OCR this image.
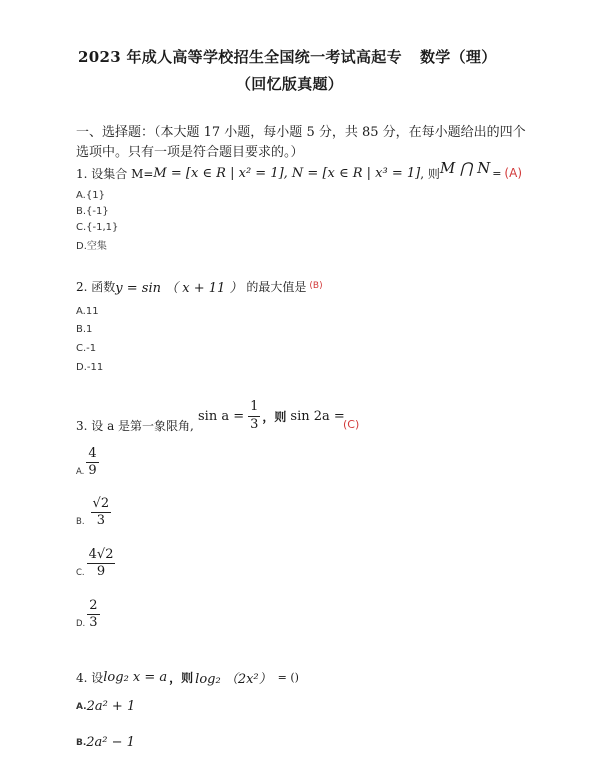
2023 年成人高等学校招生全国统一考试高起专 数学（理）
（回忆版真题）
一、选择题：（本大题 17 小题，每小题 5 分，共 85 分，在每小题给出的四个
选项中。只有一项是符合题目要求的。）
1. 设集合 M= M = [x ∈ R | x² = 1], N = [x ∈ R | x³ = 1] , 则 M ⋂ N = (A)
A.{1}
B.{-1}
C.{-1,1}
D.空集
2. 函数 y = sin （ x + 11 ） 的最大值是 (B)
A.11
B.1
C.-1
D.-11
3. 设 a 是第一象限角,
$\sin a = \frac{1}{3}$ ，则 sin 2a =
(C)
A. $\frac{4}{9}$
B. $\frac{√2}{3}$
C. $\frac{4√2}{9}$
D. $\frac{2}{3}$
4. 设 log₂ x = a ，则 log₂ （2x²） = ()
A. 2a² + 1
B. 2a² − 1
